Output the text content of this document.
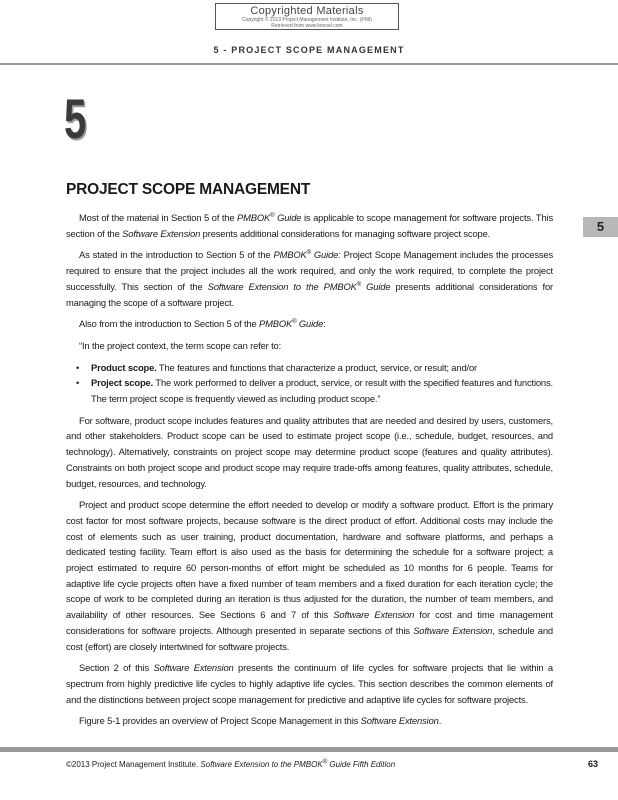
Copyrighted Materials
Copyright © 2013 Project Management Institute, Inc. (PMI)
Retrieved from www.knovel.com
5 - PROJECT SCOPE MANAGEMENT
5
PROJECT SCOPE MANAGEMENT
5

Most of the material in Section 5 of the PMBOK® Guide is applicable to scope management for software projects. This section of the Software Extension presents additional considerations for managing software project scope.

As stated in the introduction to Section 5 of the PMBOK® Guide: Project Scope Management includes the processes required to ensure that the project includes all the work required, and only the work required, to complete the project successfully. This section of the Software Extension to the PMBOK® Guide presents additional considerations for managing the scope of a software project.

Also from the introduction to Section 5 of the PMBOK® Guide:

“In the project context, the term scope can refer to:

• Product scope. The features and functions that characterize a product, service, or result; and/or
• Project scope. The work performed to deliver a product, service, or result with the specified features and functions. The term project scope is frequently viewed as including product scope.”

For software, product scope includes features and quality attributes that are needed and desired by users, customers, and other stakeholders. Product scope can be used to estimate project scope (i.e., schedule, budget, resources, and technology). Alternatively, constraints on project scope may determine product scope (features and quality attributes). Constraints on both project scope and product scope may require trade-offs among features, quality attributes, schedule, budget, resources, and technology.

Project and product scope determine the effort needed to develop or modify a software product. Effort is the primary cost factor for most software projects, because software is the direct product of effort. Additional costs may include the cost of elements such as user training, product documentation, hardware and software platforms, and perhaps a dedicated testing facility. Team effort is also used as the basis for determining the schedule for a software project; a project estimated to require 60 person-months of effort might be scheduled as 10 months for 6 people. Teams for adaptive life cycle projects often have a fixed number of team members and a fixed duration for each iteration cycle; the scope of work to be completed during an iteration is thus adjusted for the duration, the number of team members, and availability of other resources. See Sections 6 and 7 of this Software Extension for cost and time management considerations for software projects. Although presented in separate sections of this Software Extension, schedule and cost (effort) are closely intertwined for software projects.

Section 2 of this Software Extension presents the continuum of life cycles for software projects that lie within a spectrum from highly predictive life cycles to highly adaptive life cycles. This section describes the common elements of and the distinctions between project scope management for predictive and adaptive life cycles for software projects.

Figure 5-1 provides an overview of Project Scope Management in this Software Extension.

©2013 Project Management Institute. Software Extension to the PMBOK® Guide Fifth Edition	63
